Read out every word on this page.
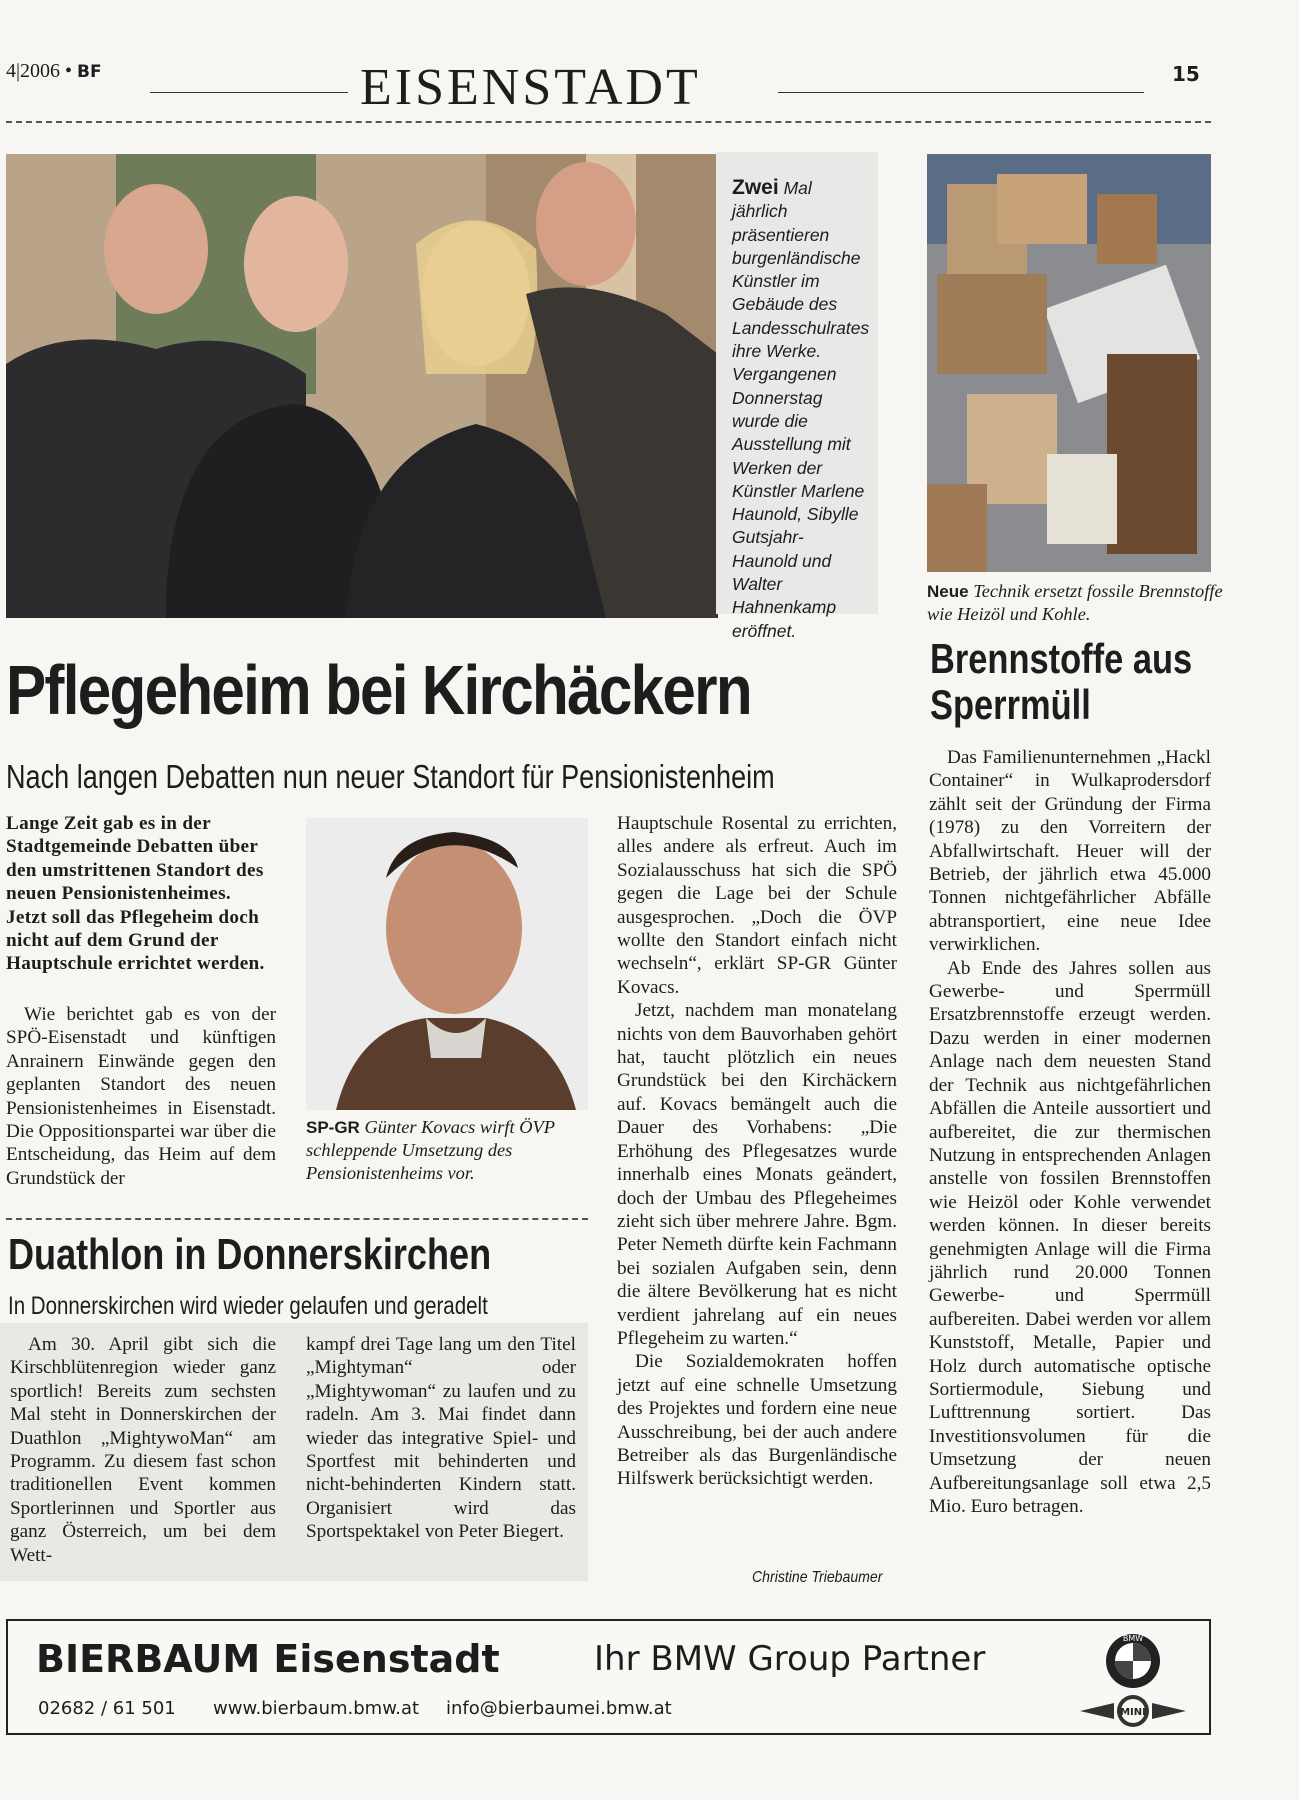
4|2006 • BF	EISENSTADT	15
Zwei Mal jährlich präsentieren burgenländische Künstler im Gebäude des Landesschulrates ihre Werke. Vergangenen Donnerstag wurde die Ausstellung mit Werken der Künstler Marlene Haunold, Sibylle Gutsjahr-Haunold und Walter Hahnenkamp eröffnet.
Neue Technik ersetzt fossile Brennstoffe wie Heizöl und Kohle.
Brennstoffe aus Sperrmüll
Pflegeheim bei Kirchäckern
Nach langen Debatten nun neuer Standort für Pensionistenheim
Lange Zeit gab es in der Stadtgemeinde Debatten über den umstrittenen Standort des neuen Pensionistenheimes. Jetzt soll das Pflegeheim doch nicht auf dem Grund der Hauptschule errichtet werden.

Wie berichtet gab es von der SPÖ-Eisenstadt und künftigen Anrainern Einwände gegen den geplanten Standort des neuen Pensionistenheimes in Eisenstadt. Die Oppositionspartei war über die Entscheidung, das Heim auf dem Grundstück der

SP-GR Günter Kovacs wirft ÖVP schleppende Umsetzung des Pensionistenheims vor.

Hauptschule Rosental zu errichten, alles andere als erfreut. Auch im Sozialausschuss hat sich die SPÖ gegen die Lage bei der Schule ausgesprochen. „Doch die ÖVP wollte den Standort einfach nicht wechseln“, erklärt SP-GR Günter Kovacs.

Jetzt, nachdem man monatelang nichts von dem Bauvorhaben gehört hat, taucht plötzlich ein neues Grundstück bei den Kirchäckern auf. Kovacs bemängelt auch die Dauer des Vorhabens: „Die Erhöhung des Pflegesatzes wurde innerhalb eines Monats geändert, doch der Umbau des Pflegeheimes zieht sich über mehrere Jahre. Bgm. Peter Nemeth dürfte kein Fachmann bei sozialen Aufgaben sein, denn die ältere Bevölkerung hat es nicht verdient jahrelang auf ein neues Pflegeheim zu warten.“

Die Sozialdemokraten hoffen jetzt auf eine schnelle Umsetzung des Projektes und fordern eine neue Ausschreibung, bei der auch andere Betreiber als das Burgenländische Hilfswerk berücksichtigt werden.

Christine Triebaumer
Duathlon in Donnerskirchen
In Donnerskirchen wird wieder gelaufen und geradelt

Am 30. April gibt sich die Kirschblütenregion wieder ganz sportlich! Bereits zum sechsten Mal steht in Donnerskirchen der Duathlon „MightywoMan“ am Programm. Zu diesem fast schon traditionellen Event kommen Sportlerinnen und Sportler aus ganz Österreich, um bei dem Wett-

kampf drei Tage lang um den Titel „Mightyman“ oder „Mightywoman“ zu laufen und zu radeln. Am 3. Mai findet dann wieder das integrative Spiel- und Sportfest mit behinderten und nicht-behinderten Kindern statt. Organisiert wird das Sportspektakel von Peter Biegert.

Das Familienunternehmen „Hackl Container“ in Wulkaprodersdorf zählt seit der Gründung der Firma (1978) zu den Vorreitern der Abfallwirtschaft. Heuer will der Betrieb, der jährlich etwa 45.000 Tonnen nichtgefährlicher Abfälle abtransportiert, eine neue Idee verwirklichen.

Ab Ende des Jahres sollen aus Gewerbe- und Sperrmüll Ersatzbrennstoffe erzeugt werden. Dazu werden in einer modernen Anlage nach dem neuesten Stand der Technik aus nichtgefährlichen Abfällen die Anteile aussortiert und aufbereitet, die zur thermischen Nutzung in entsprechenden Anlagen anstelle von fossilen Brennstoffen wie Heizöl oder Kohle verwendet werden können. In dieser bereits genehmigten Anlage will die Firma jährlich rund 20.000 Tonnen Gewerbe- und Sperrmüll aufbereiten. Dabei werden vor allem Kunststoff, Metalle, Papier und Holz durch automatische optische Sortiermodule, Siebung und Lufttrennung sortiert. Das Investitionsvolumen für die Umsetzung der neuen Aufbereitungsanlage soll etwa 2,5 Mio. Euro betragen.

BIERBAUM Eisenstadt	Ihr BMW Group Partner
02682 / 61 501 www.bierbaum.bmw.at info@bierbaumei.bmw.at
BMW
MINI
